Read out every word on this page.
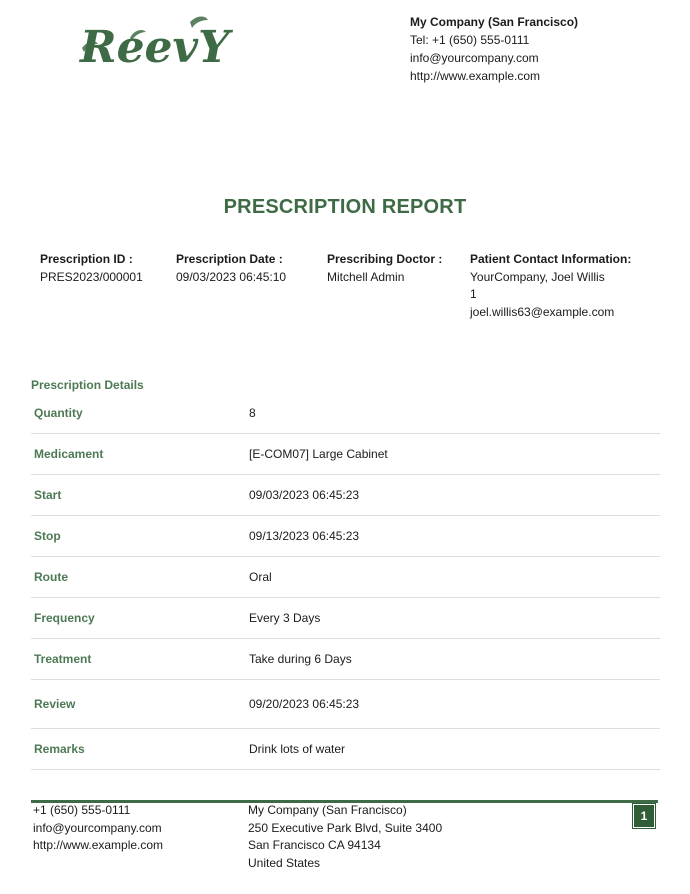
ReevY	My Company (San Francisco)
Tel: +1 (650) 555-0111
info@yourcompany.com
http://www.example.com
PRESCRIPTION REPORT
Prescription ID :
PRES2023/000001
Prescription Date :
09/03/2023 06:45:10
Prescribing Doctor :
Mitchell Admin
Patient Contact Information:
YourCompany, Joel Willis
1
joel.willis63@example.com
Prescription Details
Quantity	8
Medicament	[E-COM07] Large Cabinet
Start	09/03/2023 06:45:23
Stop	09/13/2023 06:45:23
Route	Oral
Frequency	Every 3 Days
Treatment	Take during 6 Days
Review	09/20/2023 06:45:23
Remarks	Drink lots of water
+1 (650) 555-0111
info@yourcompany.com
http://www.example.com
My Company (San Francisco)
250 Executive Park Blvd, Suite 3400
San Francisco CA 94134
United States
1
